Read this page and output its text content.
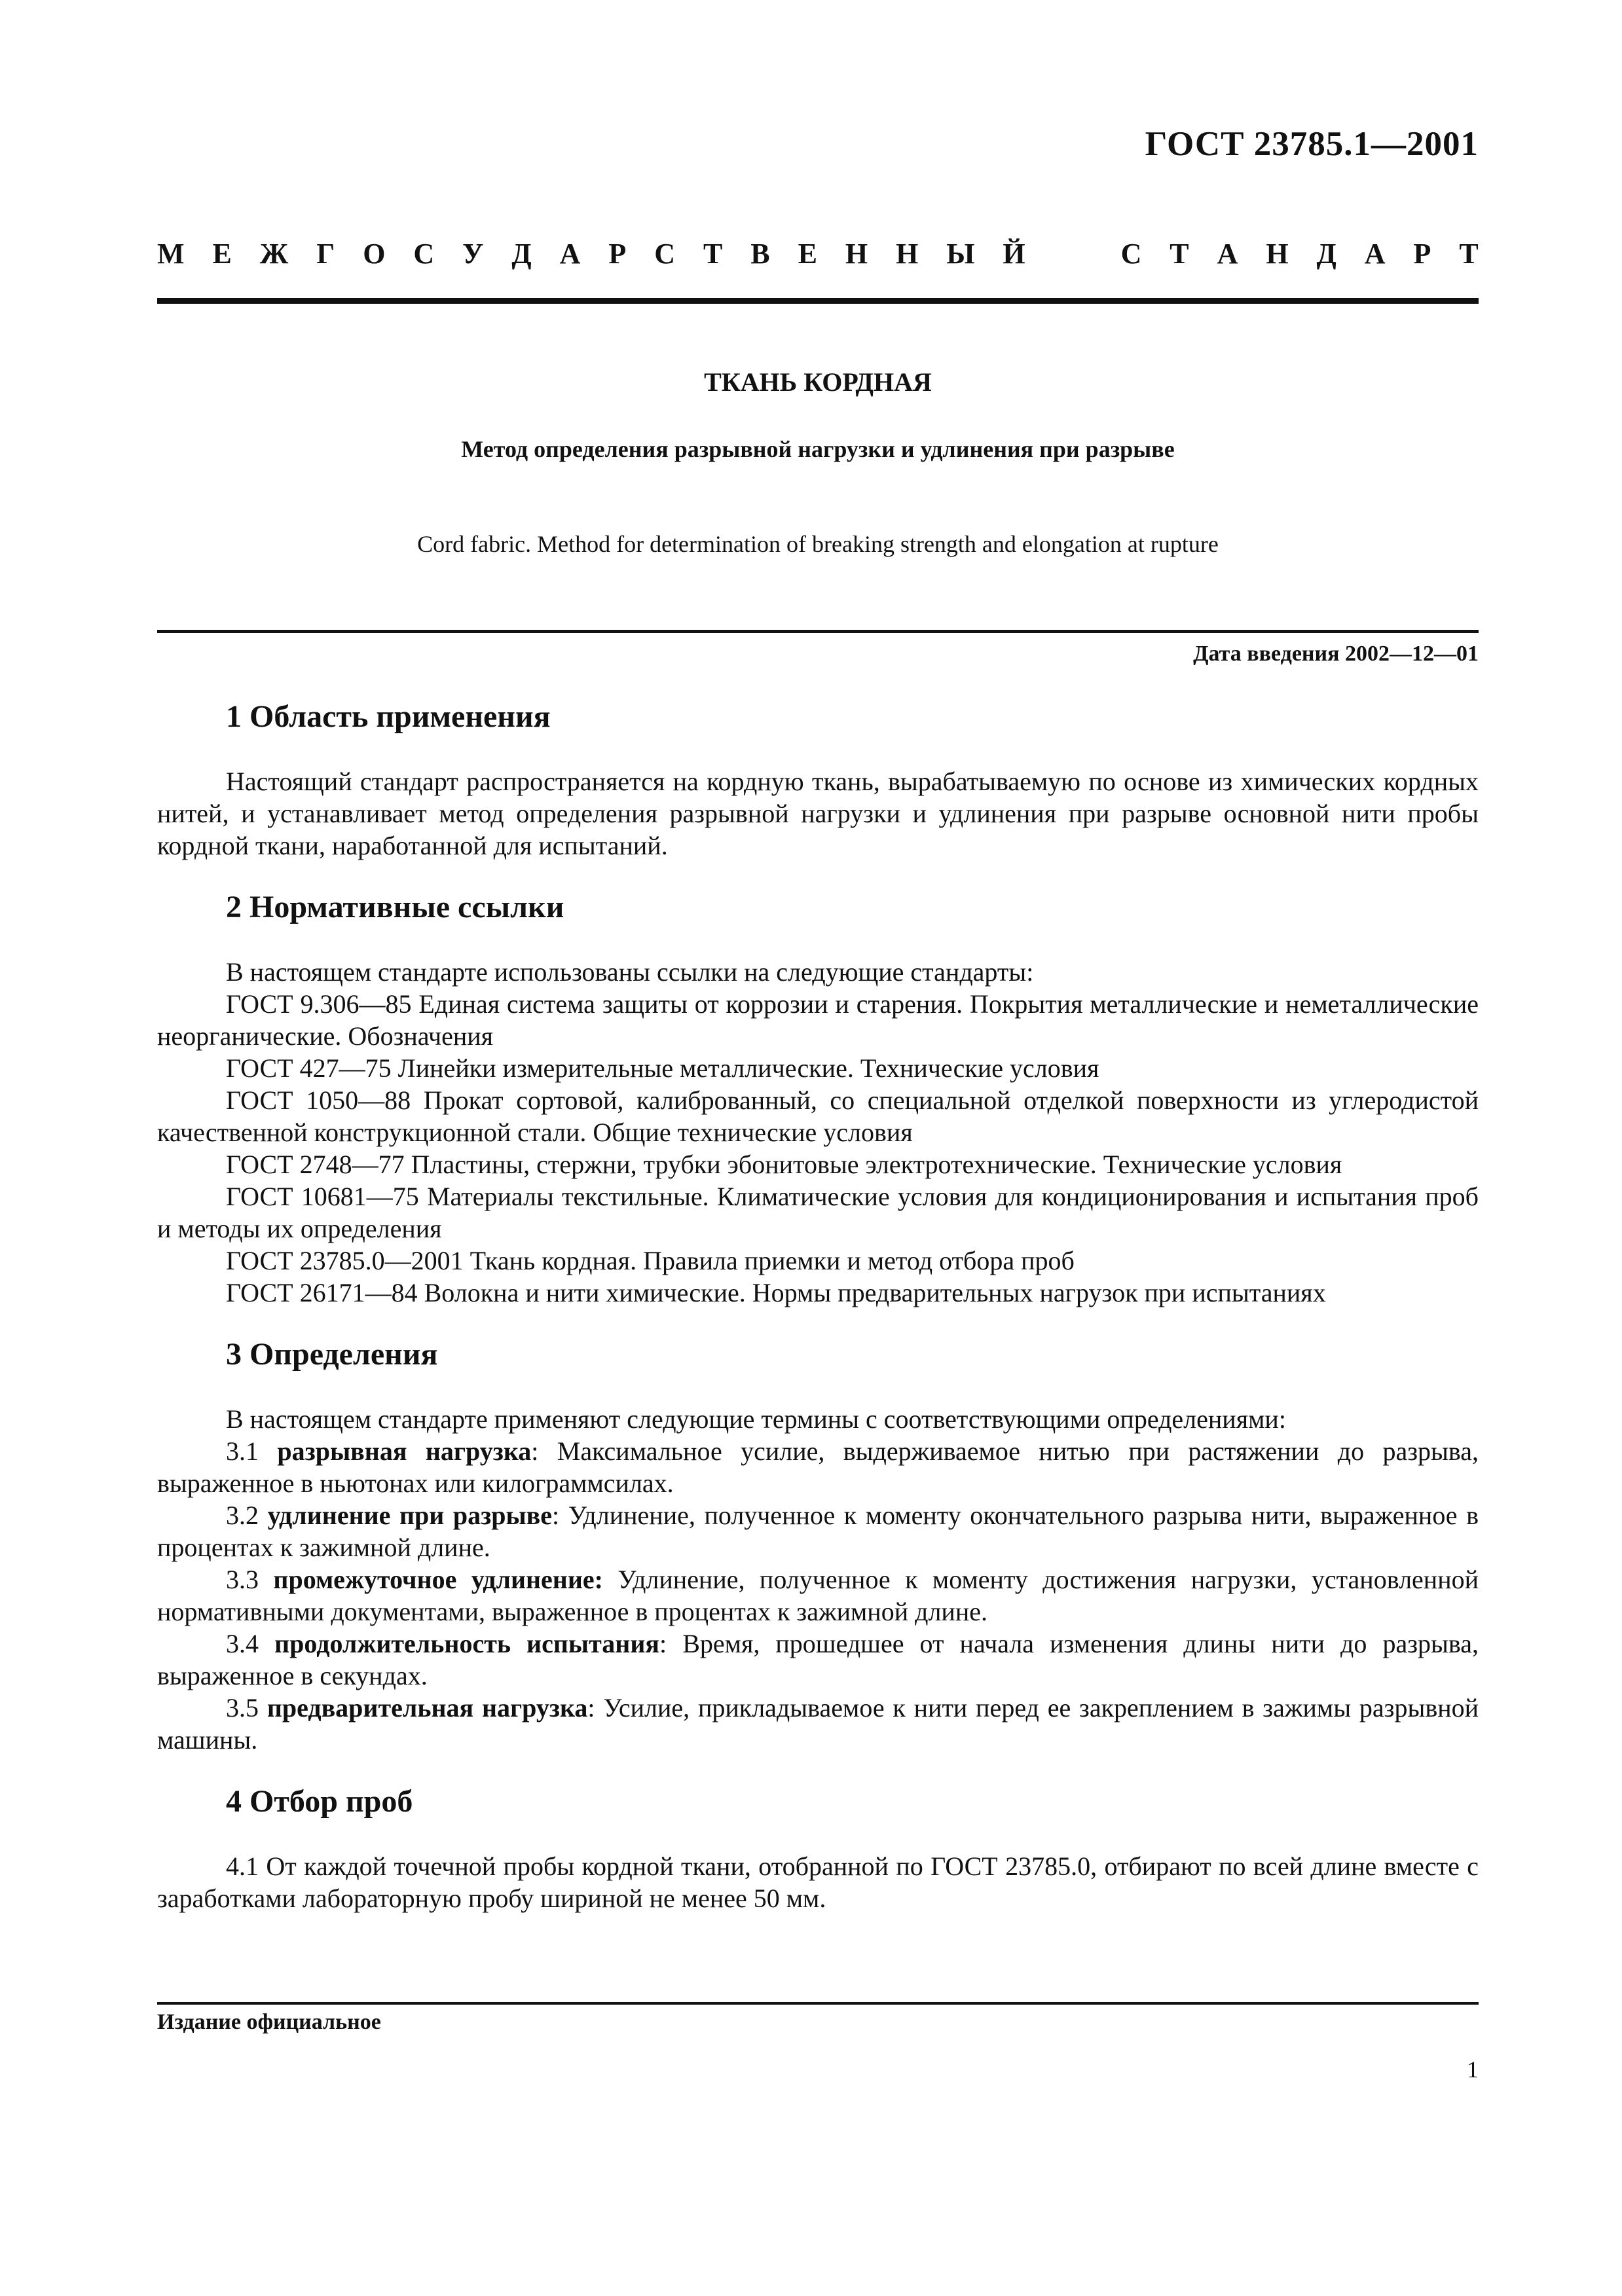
ГОСТ 23785.1—2001
М Е Ж Г О С У Д А Р С Т В Е Н Н Ы Й	С Т А Н Д А Р Т
ТКАНЬ КОРДНАЯ
Метод определения разрывной нагрузки и удлинения при разрыве
Cord fabric. Method for determination of breaking strength and elongation at rupture
Дата введения 2002—12—01
1 Область применения

Настоящий стандарт распространяется на кордную ткань, вырабатываемую по основе из химических кордных нитей, и устанавливает метод определения разрывной нагрузки и удлинения при разрыве основной нити пробы кордной ткани, наработанной для испытаний.

2 Нормативные ссылки

В настоящем стандарте использованы ссылки на следующие стандарты:

ГОСТ 9.306—85 Единая система защиты от коррозии и старения. Покрытия металлические и неметаллические неорганические. Обозначения

ГОСТ 427—75 Линейки измерительные металлические. Технические условия

ГОСТ 1050—88 Прокат сортовой, калиброванный, со специальной отделкой поверхности из углеродистой качественной конструкционной стали. Общие технические условия

ГОСТ 2748—77 Пластины, стержни, трубки эбонитовые электротехнические. Технические условия

ГОСТ 10681—75 Материалы текстильные. Климатические условия для кондиционирования и испытания проб и методы их определения

ГОСТ 23785.0—2001 Ткань кордная. Правила приемки и метод отбора проб

ГОСТ 26171—84 Волокна и нити химические. Нормы предварительных нагрузок при испытаниях

3 Определения

В настоящем стандарте применяют следующие термины с соответствующими определениями:

3.1 разрывная нагрузка: Максимальное усилие, выдерживаемое нитью при растяжении до разрыва, выраженное в ньютонах или килограммсилах.

3.2 удлинение при разрыве: Удлинение, полученное к моменту окончательного разрыва нити, выраженное в процентах к зажимной длине.

3.3 промежуточное удлинение: Удлинение, полученное к моменту достижения нагрузки, установленной нормативными документами, выраженное в процентах к зажимной длине.

3.4 продолжительность испытания: Время, прошедшее от начала изменения длины нити до разрыва, выраженное в секундах.

3.5 предварительная нагрузка: Усилие, прикладываемое к нити перед ее закреплением в зажимы разрывной машины.

4 Отбор проб

4.1 От каждой точечной пробы кордной ткани, отобранной по ГОСТ 23785.0, отбирают по всей длине вместе с заработками лабораторную пробу шириной не менее 50 мм.

Издание официальное
1
